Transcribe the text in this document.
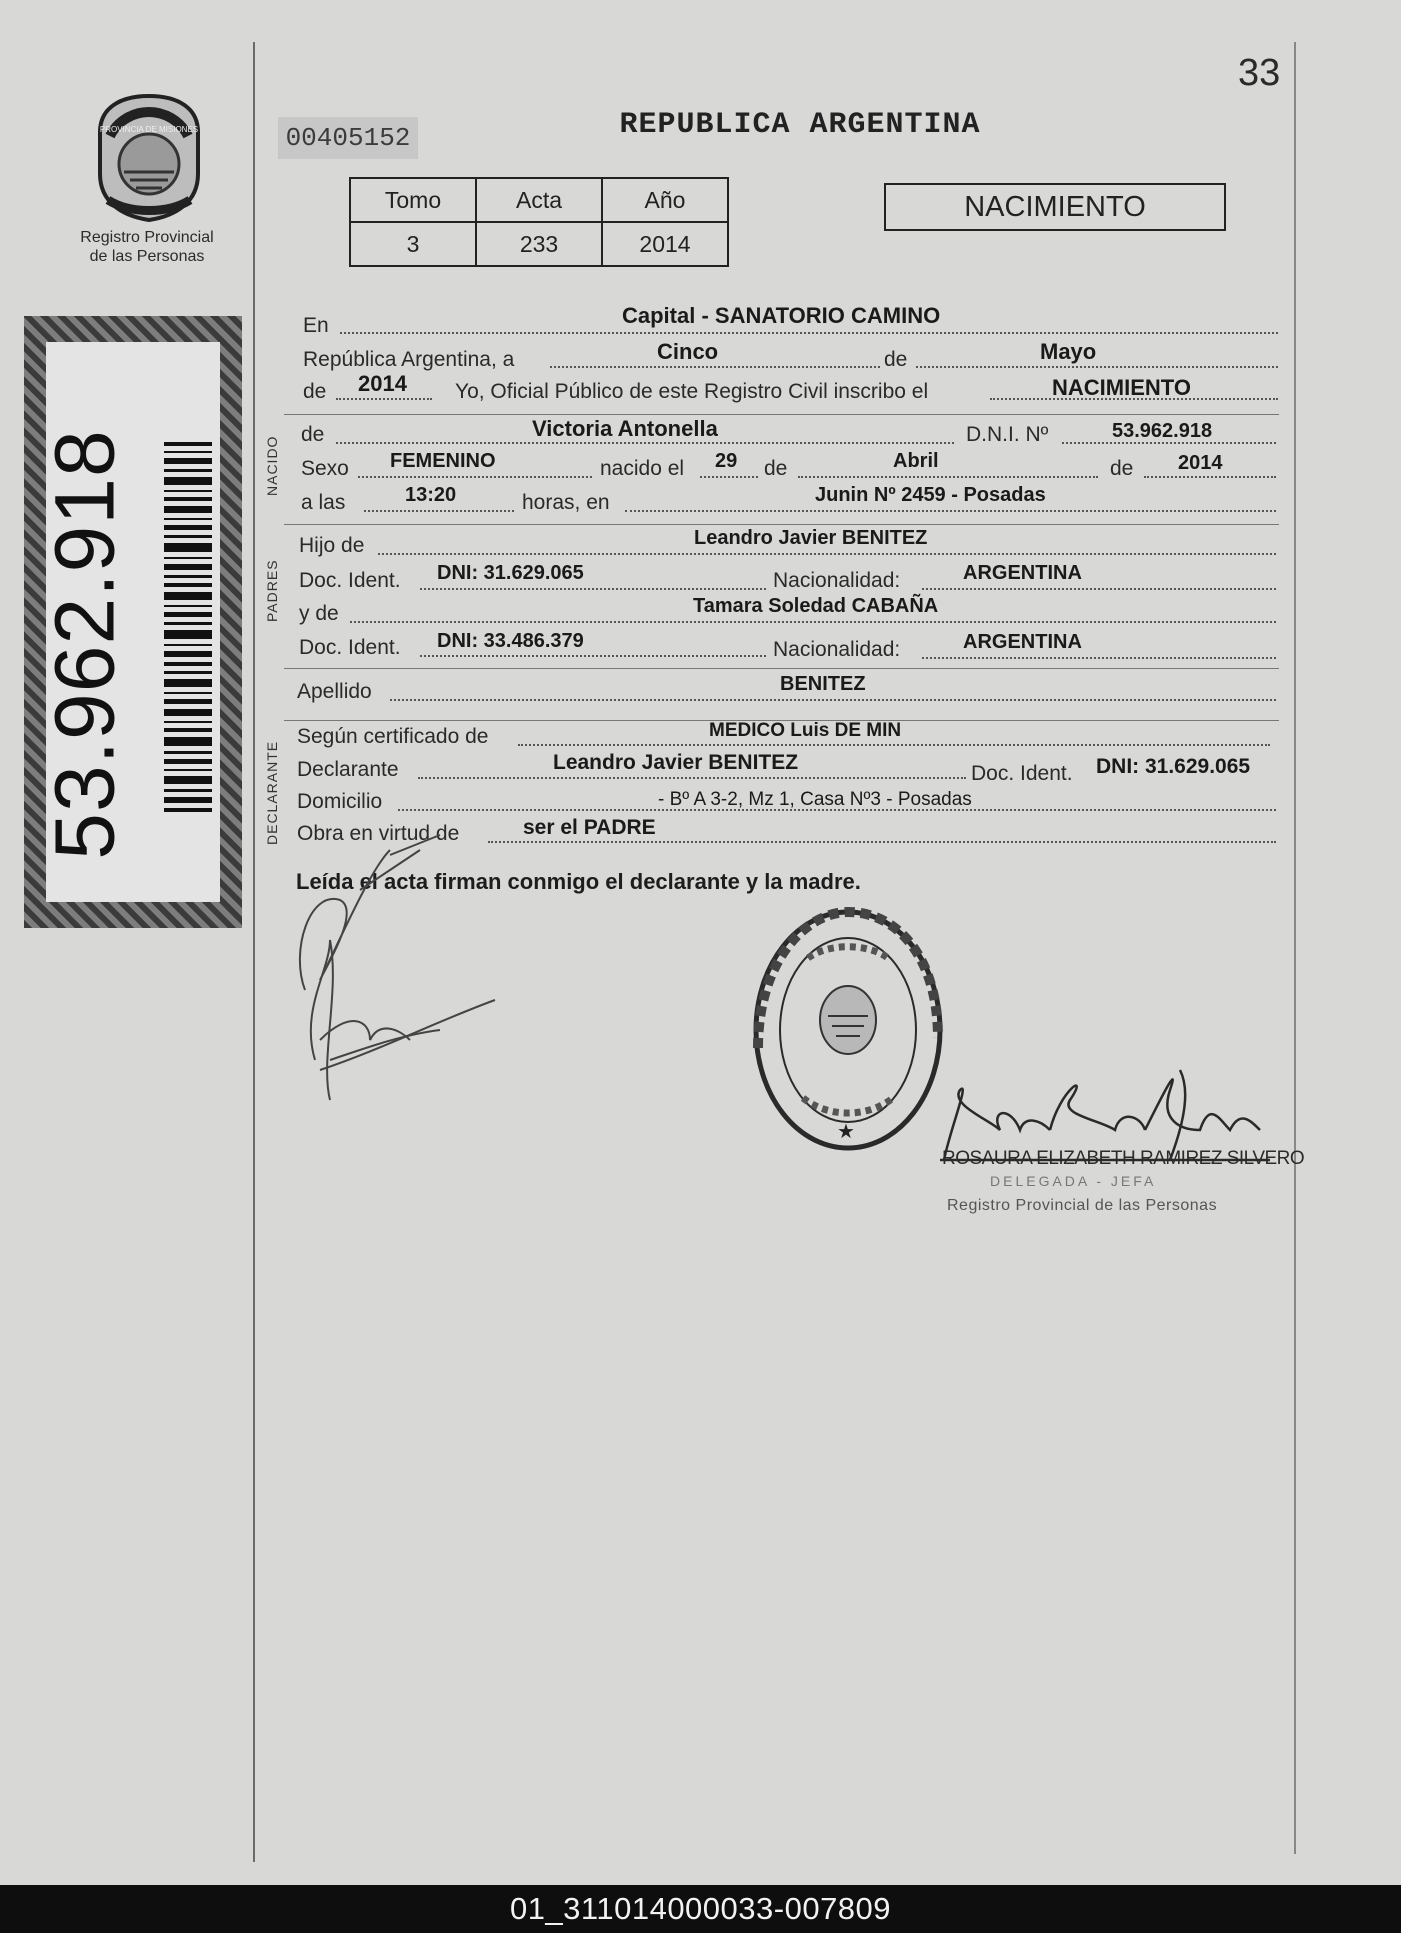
33
PROVINCIA DE MISIONES
Registro Provincial
de las Personas
00405152	REPUBLICA ARGENTINA
Tomo	Acta	Año
3	233	2014
NACIMIENTO
53.962.918	NACIDO
PADRES
DECLARANTE
En	Capital - SANATORIO CAMINO
República Argentina, a	Cinco	de	Mayo
de 2014 Yo, Oficial Público de este Registro Civil inscribo el	NACIMIENTO
de	Victoria Antonella	D.N.I. Nº	53.962.918
Sexo FEMENINO	nacido el 29 de	Abril	de 2014
a las	13:20	horas, en	Junin Nº 2459 - Posadas
Hijo de	Leandro Javier BENITEZ
Doc. Ident. DNI: 31.629.065	Nacionalidad:	ARGENTINA
y de	Tamara Soledad CABAÑA
Doc. Ident. DNI: 33.486.379	Nacionalidad:	ARGENTINA
Apellido	BENITEZ
Según certificado de	MEDICO Luis DE MIN
Declarante	Leandro Javier BENITEZ	Doc. Ident. DNI: 31.629.065
Domicilio	- Bº A 3-2, Mz 1, Casa Nº3 - Posadas
Obra en virtud de	ser el PADRE
Leída el acta firman conmigo el declarante y la madre.
★
ROSAURA ELIZABETH RAMIREZ SILVERO
DELEGADA - JEFA
Registro Provincial de las Personas
01_311014000033-007809
